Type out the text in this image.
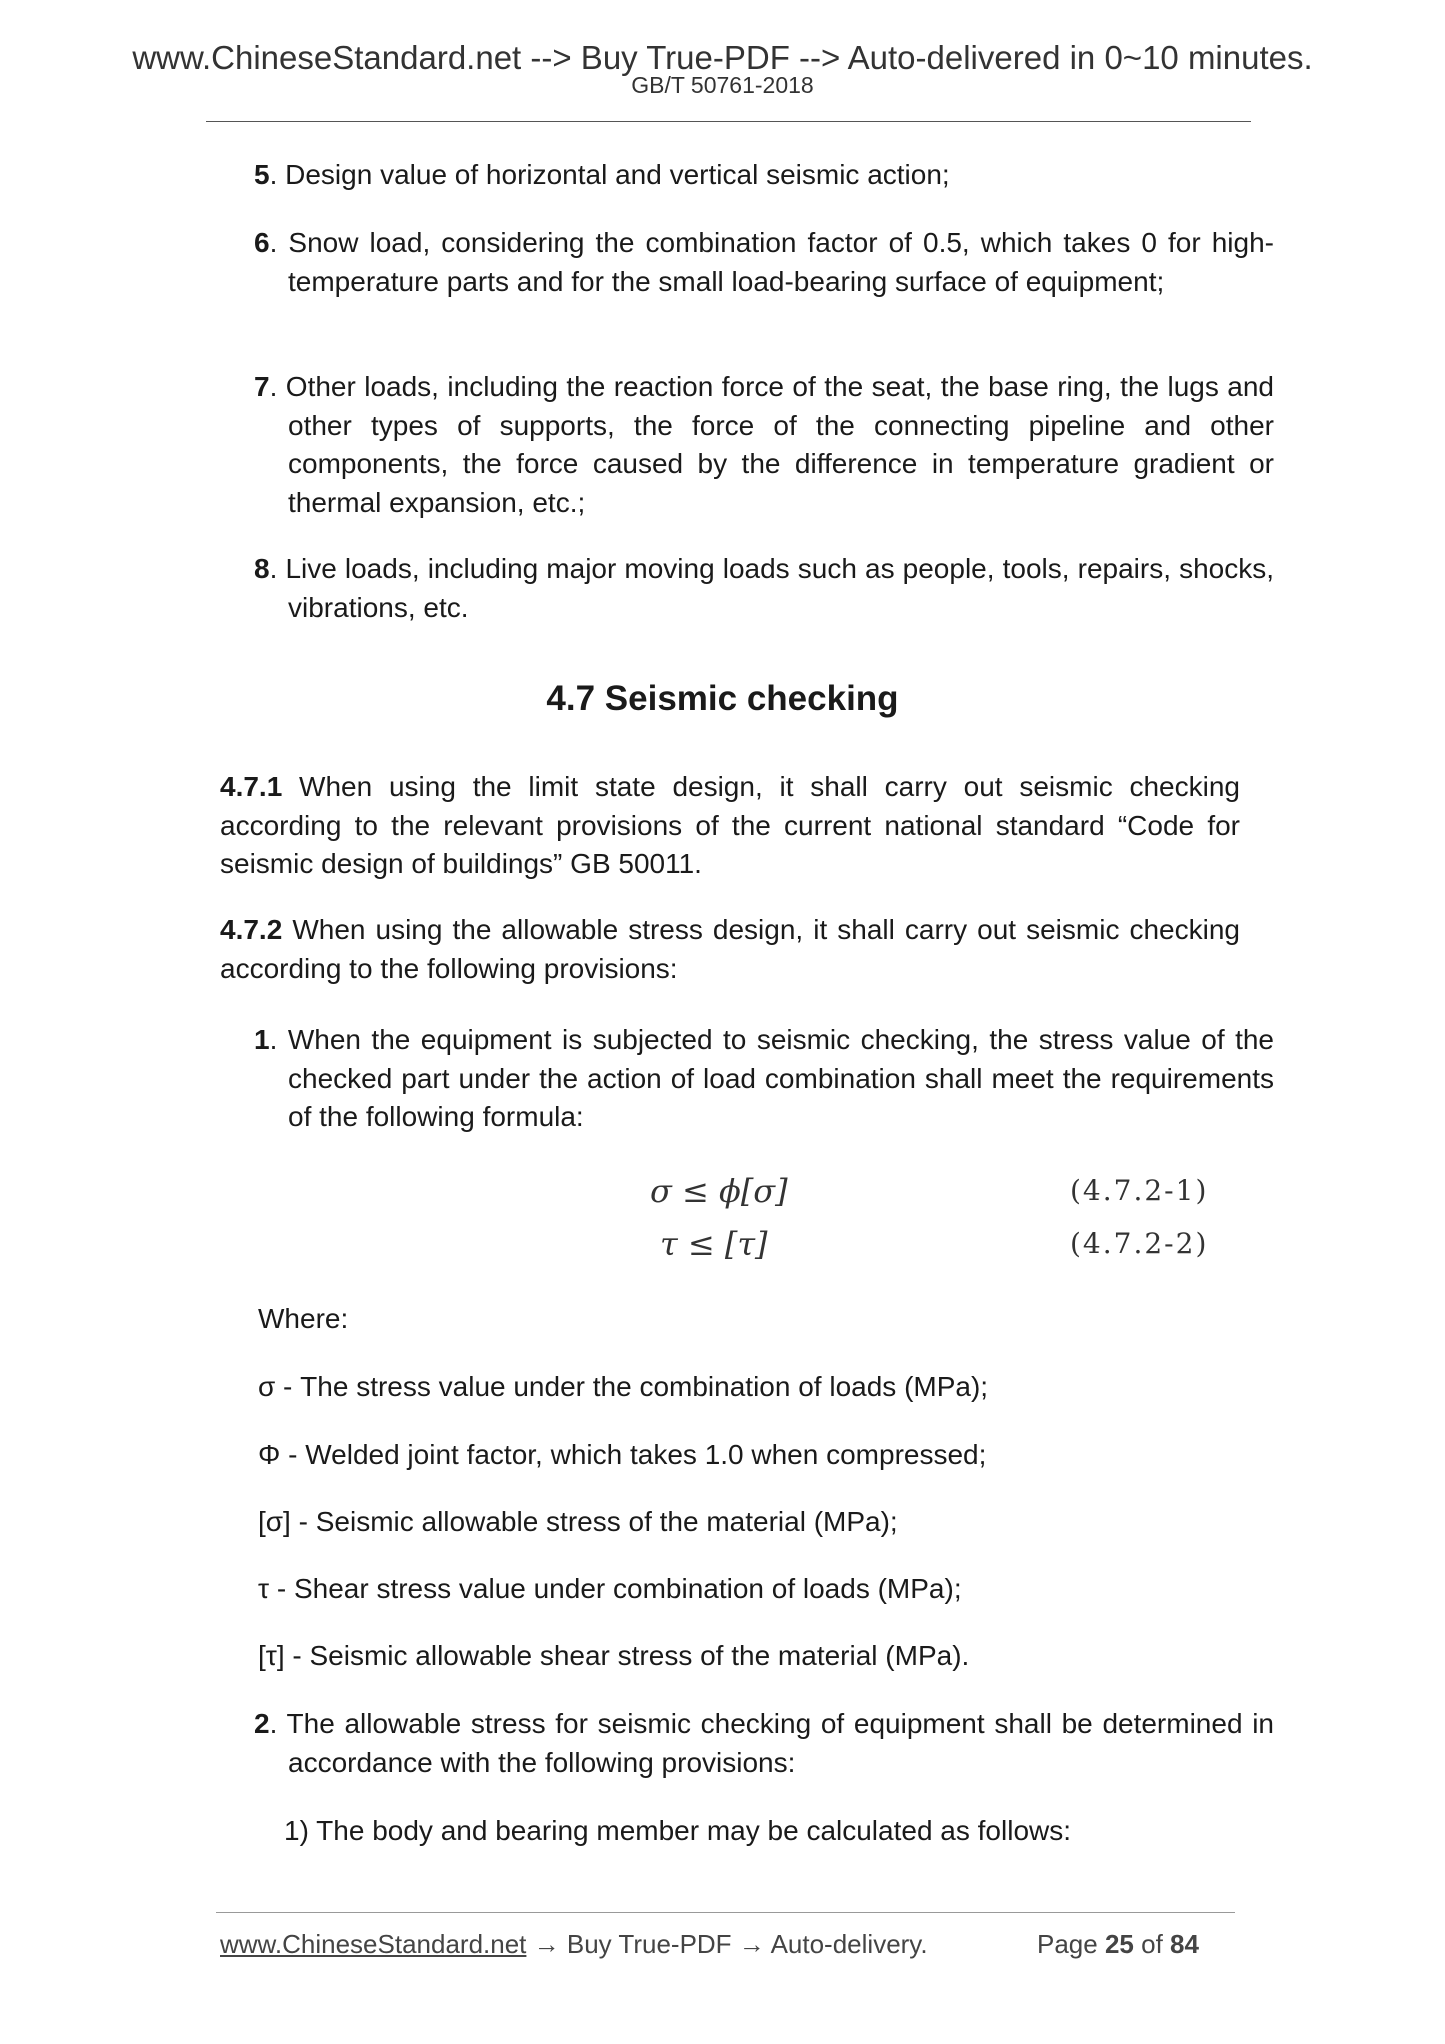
www.ChineseStandard.net --> Buy True-PDF --> Auto-delivered in 0~10 minutes.
GB/T 50761-2018
5. Design value of horizontal and vertical seismic action;
6. Snow load, considering the combination factor of 0.5, which takes 0 for high-temperature parts and for the small load-bearing surface of equipment;
7. Other loads, including the reaction force of the seat, the base ring, the lugs and other types of supports, the force of the connecting pipeline and other components, the force caused by the difference in temperature gradient or thermal expansion, etc.;
8. Live loads, including major moving loads such as people, tools, repairs, shocks, vibrations, etc.
4.7 Seismic checking
4.7.1 When using the limit state design, it shall carry out seismic checking according to the relevant provisions of the current national standard “Code for seismic design of buildings” GB 50011.
4.7.2 When using the allowable stress design, it shall carry out seismic checking according to the following provisions:
1. When the equipment is subjected to seismic checking, the stress value of the checked part under the action of load combination shall meet the requirements of the following formula:
σ ≤ ϕ[σ]	(4.7.2-1)
τ ≤ [τ]	(4.7.2-2)
Where:
σ - The stress value under the combination of loads (MPa);
Φ - Welded joint factor, which takes 1.0 when compressed;
[σ] - Seismic allowable stress of the material (MPa);
τ - Shear stress value under combination of loads (MPa);
[τ] - Seismic allowable shear stress of the material (MPa).
2. The allowable stress for seismic checking of equipment shall be determined in accordance with the following provisions:
1) The body and bearing member may be calculated as follows:
www.ChineseStandard.net → Buy True-PDF → Auto-delivery.	Page 25 of 84
